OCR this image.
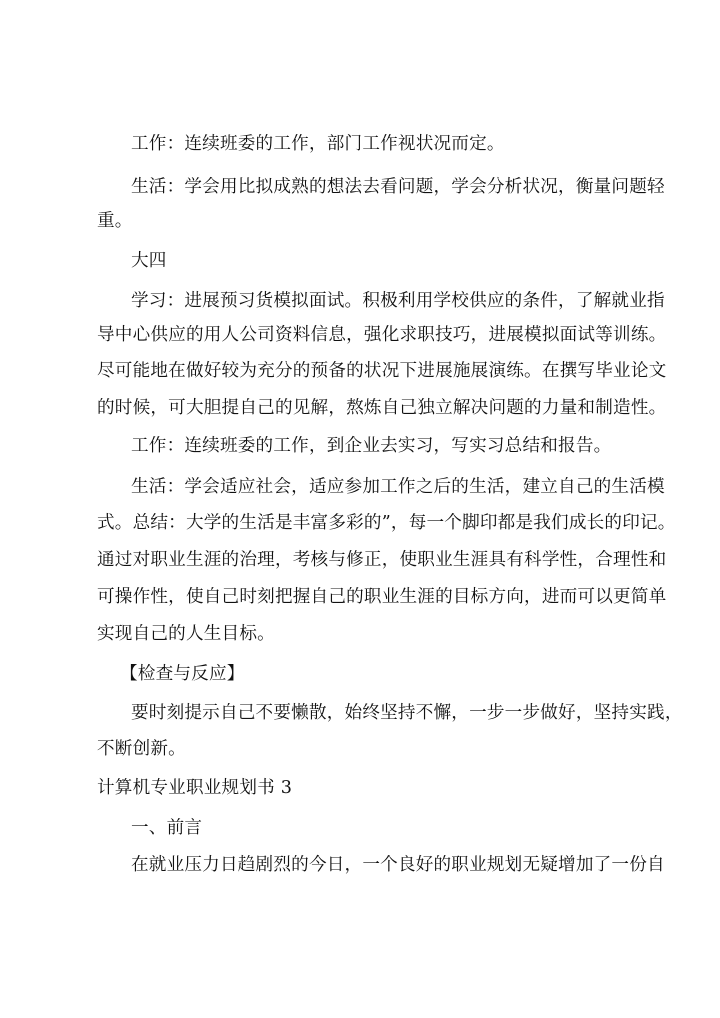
工作：连续班委的工作，部门工作视状况而定。

生活：学会用比拟成熟的想法去看问题，学会分析状况，衡量问题轻

重。

大四

学习：进展预习货模拟面试。积极利用学校供应的条件，了解就业指

导中心供应的用人公司资料信息，强化求职技巧，进展模拟面试等训练。

尽可能地在做好较为充分的预备的状况下进展施展演练。在撰写毕业论文

的时候，可大胆提自己的见解，熬炼自己独立解决问题的力量和制造性。

工作：连续班委的工作，到企业去实习，写实习总结和报告。

生活：学会适应社会，适应参加工作之后的生活，建立自己的生活模

式。总结：大学的生活是丰富多彩的”，每一个脚印都是我们成长的印记。

通过对职业生涯的治理，考核与修正，使职业生涯具有科学性，合理性和

可操作性，使自己时刻把握自己的职业生涯的目标方向，进而可以更简单

实现自己的人生目标。

【检查与反应】

要时刻提示自己不要懒散，始终坚持不懈，一步一步做好，坚持实践，

不断创新。

计算机专业职业规划书 3

一、前言

在就业压力日趋剧烈的今日，一个良好的职业规划无疑增加了一份自
